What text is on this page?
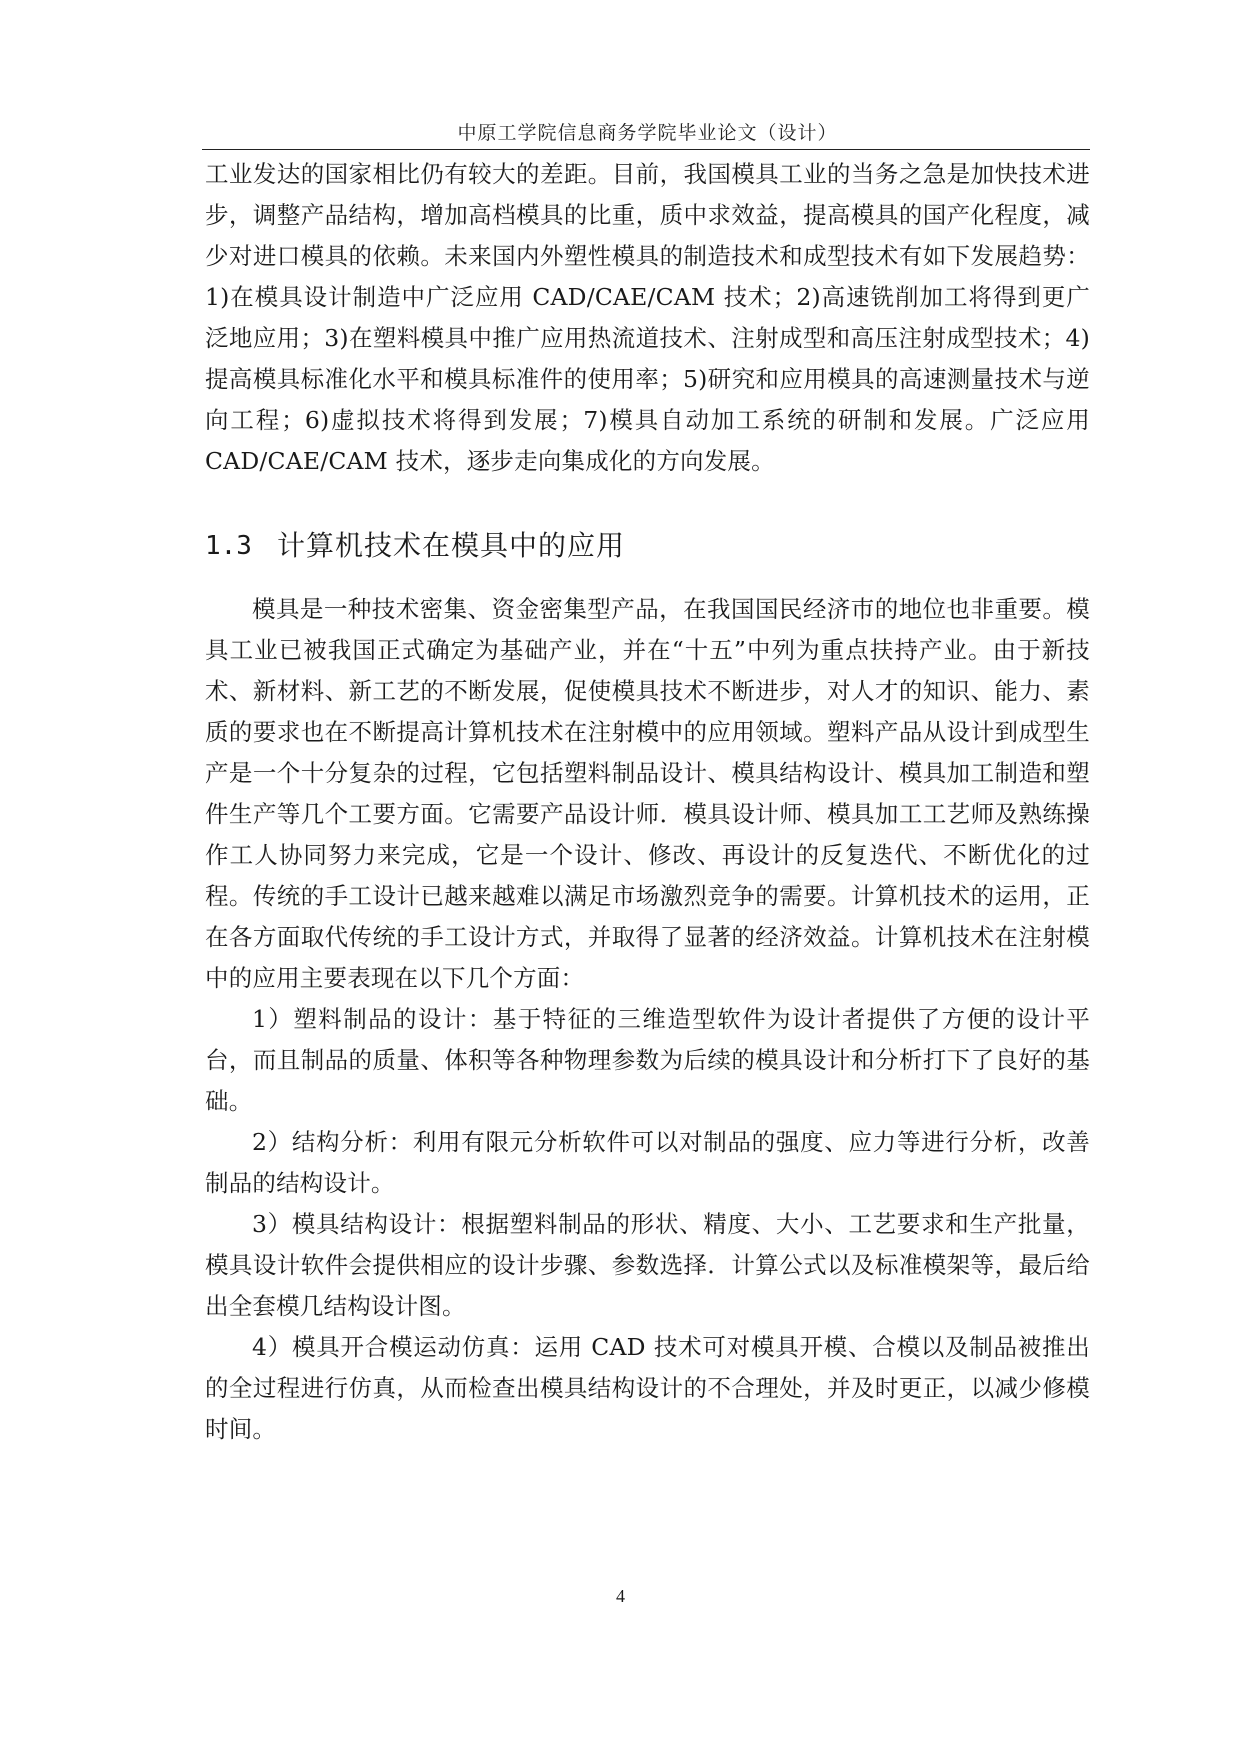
中原工学院信息商务学院毕业论文（设计）

工业发达的国家相比仍有较大的差距。目前，我国模具工业的当务之急是加快技术进步，调整产品结构，增加高档模具的比重，质中求效益，提高模具的国产化程度，减少对进口模具的依赖。未来国内外塑性模具的制造技术和成型技术有如下发展趋势：1)在模具设计制造中广泛应用 CAD/CAE/CAM 技术；2)高速铣削加工将得到更广泛地应用；3)在塑料模具中推广应用热流道技术、注射成型和高压注射成型技术；4)提高模具标准化水平和模具标准件的使用率；5)研究和应用模具的高速测量技术与逆向工程；6)虚拟技术将得到发展；7)模具自动加工系统的研制和发展。广泛应用 CAD/CAE/CAM 技术，逐步走向集成化的方向发展。

1.3 计算机技术在模具中的应用

模具是一种技术密集、资金密集型产品，在我国国民经济巿的地位也非重要。模具工业已被我国正式确定为基础产业，并在“十五”中列为重点扶持产业。由于新技术、新材料、新工艺的不断发展，促使模具技术不断进步，对人才的知识、能力、素质的要求也在不断提高计算机技术在注射模中的应用领域。塑料产品从设计到成型生产是一个十分复杂的过程，它包括塑料制品设计、模具结构设计、模具加工制造和塑件生产等几个工要方面。它需要产品设计师．模具设计师、模具加工工艺师及熟练操作工人协同努力来完成，它是一个设计、修改、再设计的反复迭代、不断优化的过程。传统的手工设计已越来越难以满足市场激烈竞争的需要。计算机技术的运用，正在各方面取代传统的手工设计方式，并取得了显著的经济效益。计算机技术在注射模中的应用主要表现在以下几个方面：

1）塑料制品的设计：基于特征的三维造型软件为设计者提供了方便的设计平台，而且制品的质量、体积等各种物理参数为后续的模具设计和分析打下了良好的基础。

2）结构分析：利用有限元分析软件可以对制品的强度、应力等进行分析，改善制品的结构设计。

3）模具结构设计：根据塑料制品的形状、精度、大小、工艺要求和生产批量，模具设计软件会提供相应的设计步骤、参数选择．计算公式以及标准模架等，最后给出全套模几结构设计图。

4）模具开合模运动仿真：运用 CAD 技术可对模具开模、合模以及制品被推出的全过程进行仿真，从而检查出模具结构设计的不合理处，并及时更正，以减少修模时间。

4
